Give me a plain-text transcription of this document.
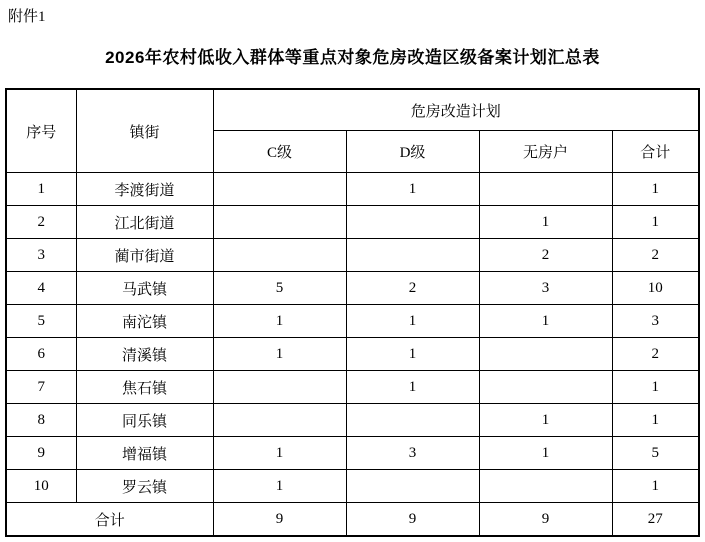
附件1
2026年农村低收入群体等重点对象危房改造区级备案计划汇总表
序号	镇街	危房改造计划			
		C级	D级	无房户	合计
1	李渡街道		1		1
2	江北街道			1	1
3	蔺市街道			2	2
4	马武镇	5	2	3	10
5	南沱镇	1	1	1	3
6	清溪镇	1	1		2
7	焦石镇		1		1
8	同乐镇			1	1
9	增福镇	1	3	1	5
10	罗云镇	1			1
合计		9	9	9	27
